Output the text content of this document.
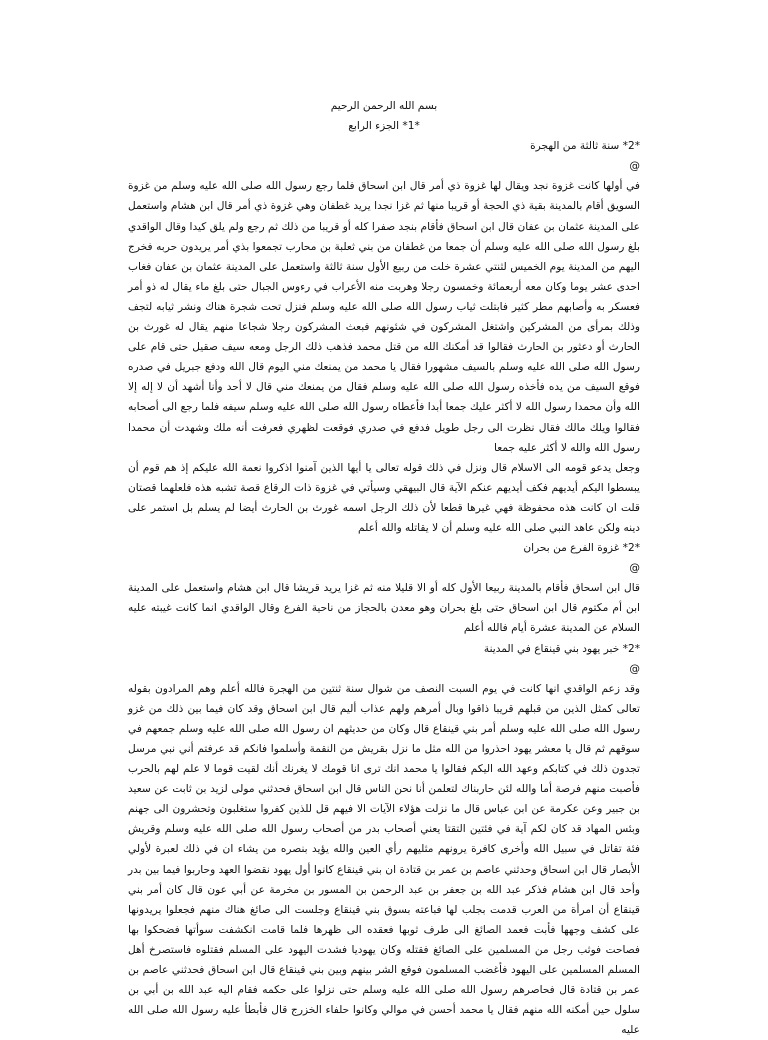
بسم الله الرحمن الرحيم

*1* الجزء الرابع

*2* سنة ثالثة من الهجرة

@

في أولها كانت غزوة نجد ويقال لها غزوة ذي أمر قال ابن اسحاق فلما رجع رسول الله صلى الله عليه وسلم من غزوة السويق أقام بالمدينة بقية ذي الحجة أو قريبا منها ثم غزا نجدا يريد غطفان وهي غزوة ذي أمر قال ابن هشام واستعمل على المدينة عثمان بن عفان قال ابن اسحاق فأقام بنجد صفرا كله أو قريبا من ذلك ثم رجع ولم يلق كيدا وقال الواقدي بلغ رسول الله صلى الله عليه وسلم أن جمعا من غطفان من بني ثعلبة بن محارب تجمعوا بذي أمر يريدون حربه فخرج اليهم من المدينة يوم الخميس لثنتي عشرة خلت من ربيع الأول سنة ثالثة واستعمل على المدينة عثمان بن عفان فغاب احدى عشر يوما وكان معه أربعمائة وخمسون رجلا وهربت منه الأعراب في رءوس الجبال حتى بلغ ماء يقال له ذو أمر فعسكر به وأصابهم مطر كثير فابتلت ثياب رسول الله صلى الله عليه وسلم فنزل تحت شجرة هناك ونشر ثيابه لتجف وذلك بمرأى من المشركين واشتغل المشركون في شئونهم فبعث المشركون رجلا شجاعا منهم يقال له غورث بن الحارث أو دعثور بن الحارث فقالوا قد أمكنك الله من قتل محمد فذهب ذلك الرجل ومعه سيف صقيل حتى قام على رسول الله صلى الله عليه وسلم بالسيف مشهورا فقال يا محمد من يمنعك مني اليوم قال الله ودفع جبريل في صدره فوقع السيف من يده فأخذه رسول الله صلى الله عليه وسلم فقال من يمنعك مني قال لا أحد وأنا أشهد أن لا إله إلا الله وأن محمدا رسول الله لا أكثر عليك جمعا أبدا فأعطاه رسول الله صلى الله عليه وسلم سيفه فلما رجع الى أصحابه فقالوا ويلك مالك فقال نظرت الى رجل طويل فدفع في صدري فوقعت لظهري فعرفت أنه ملك وشهدت أن محمدا رسول الله والله لا أكثر عليه جمعا

وجعل يدعو قومه الى الاسلام قال ونزل في ذلك قوله تعالى يا أيها الذين آمنوا اذكروا نعمة الله عليكم إذ هم قوم أن يبسطوا اليكم أيديهم فكف أيديهم عنكم الآية قال البيهقي وسيأتي في غزوة ذات الرقاع قصة تشبه هذه فلعلهما قصتان قلت ان كانت هذه محفوظة فهي غيرها قطعا لأن ذلك الرجل اسمه غورث بن الحارث أيضا لم يسلم بل استمر على دينه ولكن عاهد النبي صلى الله عليه وسلم أن لا يقاتله والله أعلم

*2* غزوة الفرع من بحران

@

قال ابن اسحاق فأقام بالمدينة ربيعا الأول كله أو الا قليلا منه ثم غزا يريد قريشا قال ابن هشام واستعمل على المدينة ابن أم مكتوم قال ابن اسحاق حتى بلغ بحران وهو معدن بالحجاز من ناحية الفرع وقال الواقدي انما كانت غيبته عليه السلام عن المدينة عشرة أيام فالله أعلم

*2* خبر يهود بني قينقاع في المدينة

@

وقد زعم الواقدي انها كانت في يوم السبت النصف من شوال سنة ثنتين من الهجرة فالله أعلم وهم المرادون بقوله تعالى كمثل الذين من قبلهم قريبا ذاقوا وبال أمرهم ولهم عذاب أليم قال ابن اسحاق وقد كان فيما بين ذلك من غزو رسول الله صلى الله عليه وسلم أمر بني قينقاع قال وكان من حديثهم ان رسول الله صلى الله عليه وسلم جمعهم في سوقهم ثم قال يا معشر يهود احذروا من الله مثل ما نزل بقريش من النقمة وأسلموا فانكم قد عرفتم أني نبي مرسل تجدون ذلك في كتابكم وعهد الله اليكم فقالوا يا محمد انك ترى انا قومك لا يغرنك أنك لقيت قوما لا علم لهم بالحرب فأصبت منهم فرصة أما والله لئن حاربناك لتعلمن أنا نحن الناس قال ابن اسحاق فحدثني مولى لزيد بن ثابت عن سعيد بن جبير وعن عكرمة عن ابن عباس قال ما نزلت هؤلاء الآيات الا فيهم قل للذين كفروا ستغلبون وتحشرون الى جهنم وبئس المهاد قد كان لكم آية في فئتين التقتا يعني أصحاب بدر من أصحاب رسول الله صلى الله عليه وسلم وقريش فئة تقاتل في سبيل الله وأخرى كافرة يرونهم مثليهم رأي العين والله يؤيد بنصره من يشاء ان في ذلك لعبرة لأولي الأبصار قال ابن اسحاق وحدثني عاصم بن عمر بن قتادة ان بني قينقاع كانوا أول يهود نقضوا العهد وحاربوا فيما بين بدر وأحد قال ابن هشام فذكر عبد الله بن جعفر بن عبد الرحمن بن المسور بن مخرمة عن أبي عون قال كان أمر بني قينقاع أن امرأة من العرب قدمت بجلب لها فباعته بسوق بني قينقاع وجلست الى صائغ هناك منهم فجعلوا يريدونها على كشف وجهها فأبت فعمد الصائغ الى طرف ثوبها فعقده الى ظهرها فلما قامت انكشفت سوأتها فضحكوا بها فصاحت فوثب رجل من المسلمين على الصائغ فقتله وكان يهوديا فشدت اليهود على المسلم فقتلوه فاستصرخ أهل المسلم المسلمين على اليهود فأغضب المسلمون فوقع الشر بينهم وبين بني قينقاع قال ابن اسحاق فحدثني عاصم بن عمر بن قتادة قال فحاصرهم رسول الله صلى الله عليه وسلم حتى نزلوا على حكمه فقام اليه عبد الله بن أبي بن سلول حين أمكنه الله منهم فقال يا محمد أحسن في موالي وكانوا حلفاء الخزرج قال فأبطأ عليه رسول الله صلى الله عليه
